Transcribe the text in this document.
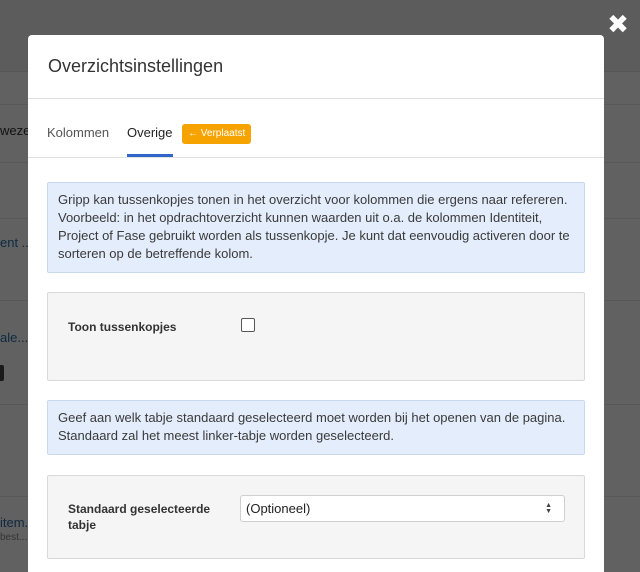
✖
Overzichtsinstellingen
Kolommen Overige	← Verplaatst
Gripp kan tussenkopjes tonen in het overzicht voor kolommen die ergens naar refereren. Voorbeeld: in het opdrachtoverzicht kunnen waarden uit o.a. de kolommen Identiteit, Project of Fase gebruikt worden als tussenkopje. Je kunt dat eenvoudig activeren door te sorteren op de betreffende kolom.
Toon tussenkopjes
Geef aan welk tabje standaard geselecteerd moet worden bij het openen van de pagina. Standaard zal het meest linker-tabje worden geselecteerd.
Standaard geselecteerde tabje
(Optioneel)	▲
▼
